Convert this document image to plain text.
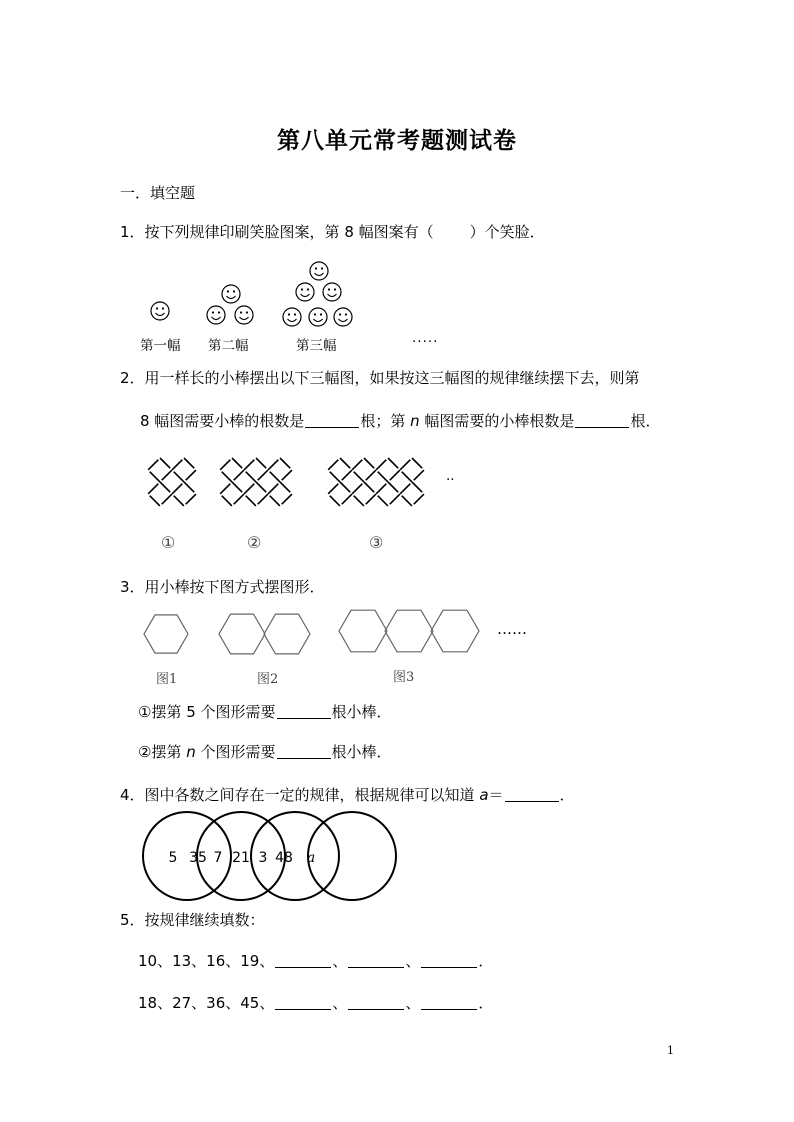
第八单元常考题测试卷
一．填空题
1．按下列规律印刷笑脸图案，第 8 幅图案有（ ）个笑脸．
第一幅 第二幅	第三幅	·····
2．用一样长的小棒摆出以下三幅图，如果按这三幅图的规律继续摆下去，则第
8 幅图需要小棒的根数是	根；第 n 幅图需要的小棒根数是	根．
①	②	③
··
3．用小棒按下图方式摆图形．
图1	图2	图3
……
①摆第 5 个图形需要	根小棒．
②摆第 n 个图形需要	根小棒．
4．图中各数之间存在一定的规律，根据规律可以知道 a＝	．
5 35 7 21 3 48 a
5．按规律继续填数：
10、13、16、19、	、	、	．
18、27、36、45、	、	、	．
1
